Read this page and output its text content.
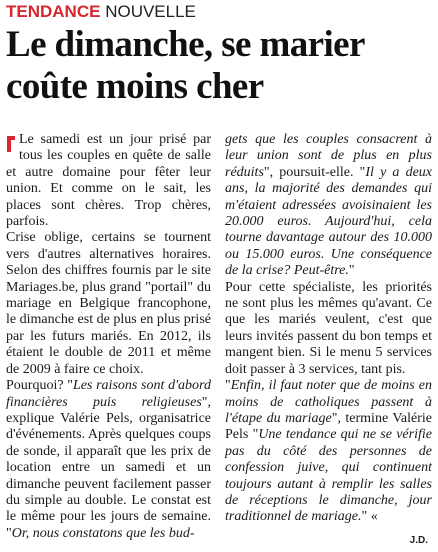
TENDANCE NOUVELLE
Le dimanche, se marier
coûte moins cher

Le samedi est un jour prisé par tous les couples en quête de salle et autre domaine pour fêter leur union. Et comme on le sait, les places sont chères. Trop chères, parfois.

Crise oblige, certains se tournent vers d'autres alternatives horaires. Selon des chiffres fournis par le site Mariages.be, plus grand "portail" du mariage en Belgique francophone, le dimanche est de plus en plus prisé par les futurs mariés. En 2012, ils étaient le double de 2011 et même de 2009 à faire ce choix.

Pourquoi? "Les raisons sont d'abord financières puis religieuses", explique Valérie Pels, organisatrice d'événements. Après quelques coups de sonde, il apparaît que les prix de location entre un samedi et un dimanche peuvent facilement passer du simple au double. Le constat est le même pour les jours de semaine. "Or, nous constatons que les bud-

gets que les couples consacrent à leur union sont de plus en plus réduits", poursuit-elle. "Il y a deux ans, la majorité des demandes qui m'étaient adressées avoisinaient les 20.000 euros. Aujourd'hui, cela tourne davantage autour des 10.000 ou 15.000 euros. Une conséquence de la crise? Peut-être."

Pour cette spécialiste, les priorités ne sont plus les mêmes qu'avant. Ce que les mariés veulent, c'est que leurs invités passent du bon temps et mangent bien. Si le menu 5 services doit passer à 3 services, tant pis.

"Enfin, il faut noter que de moins en moins de catholiques passent à l'étape du mariage", termine Valérie Pels "Une tendance qui ne se vérifie pas du côté des personnes de confession juive, qui continuent toujours autant à remplir les salles de réceptions le dimanche, jour traditionnel de mariage." «

J.D.
